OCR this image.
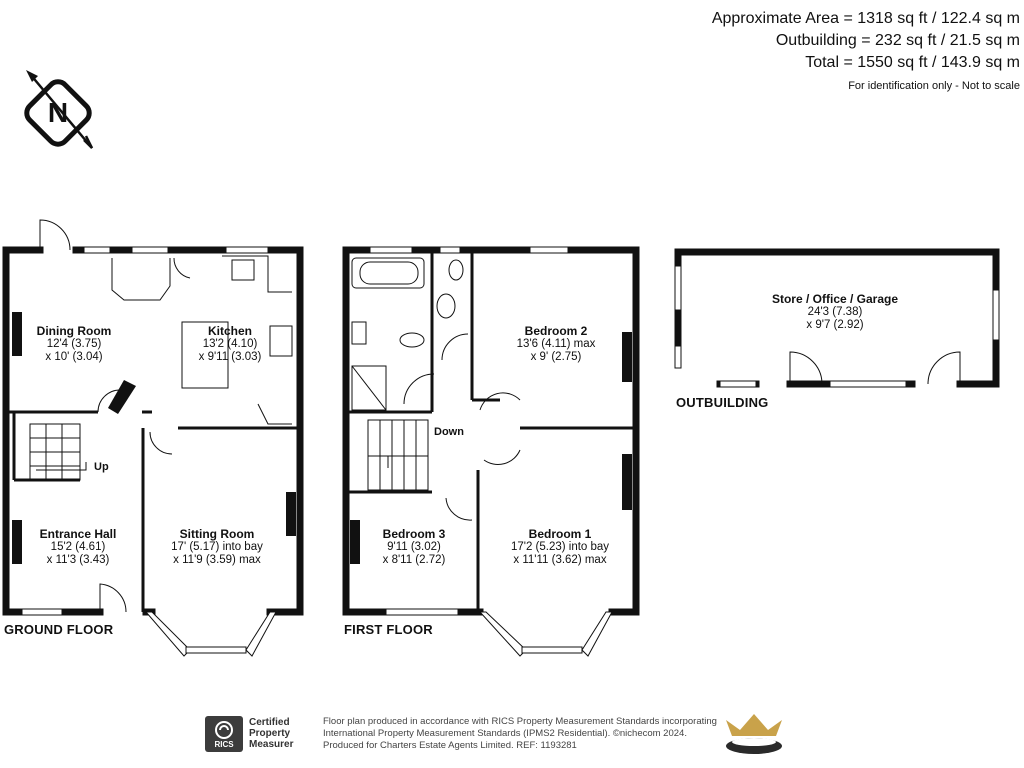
Approximate Area = 1318 sq ft / 122.4 sq m
Outbuilding = 232 sq ft / 21.5 sq m
Total = 1550 sq ft / 143.9 sq m
For identification only - Not to scale
N
GROUND FLOOR	FIRST FLOOR
OUTBUILDING
Dining Room
12'4 (3.75)
x 10' (3.04)
Kitchen
13'2 (4.10)
x 9'11 (3.03)
Entrance Hall
15'2 (4.61)
x 11'3 (3.43)
Sitting Room
17' (5.17) into bay
x 11'9 (3.59) max
Bedroom 2
13'6 (4.11) max
x 9' (2.75)
Bedroom 3
9'11 (3.02)
x 8'11 (2.72)
Bedroom 1
17'2 (5.23) into bay
x 11'11 (3.62) max
Store / Office / Garage
24'3 (7.38)
x 9'7 (2.92)
Up
Down
RICS
Certified
Property
Measurer
Floor plan produced in accordance with RICS Property Measurement Standards incorporating
International Property Measurement Standards (IPMS2 Residential). ©nichecom 2024.
Produced for Charters Estate Agents Limited. REF: 1193281
